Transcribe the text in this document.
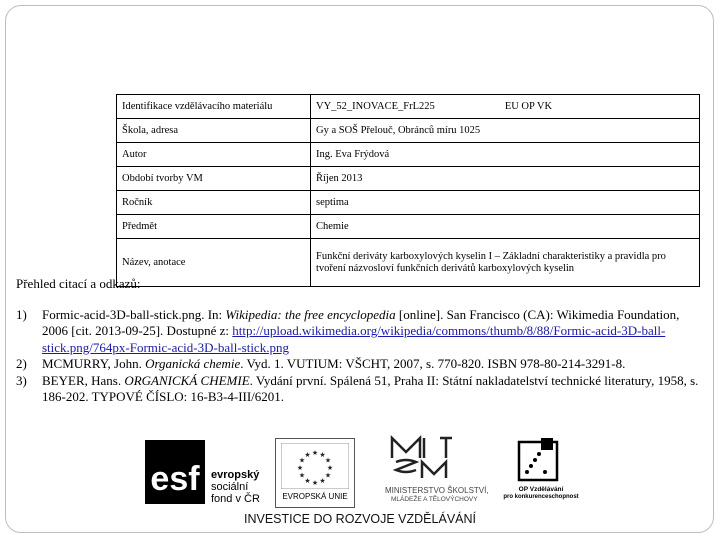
Identifikace vzdělávacího materiálu	VY_52_INOVACE_FrL225 EU OP VK
Škola, adresa	Gy a SOŠ Přelouč, Obránců míru 1025
Autor	Ing. Eva Frýdová
Období tvorby VM	Říjen 2013
Ročník	septima
Předmět	Chemie
Název, anotace	Funkční deriváty karboxylových kyselin I – Základní charakteristiky a pravidla pro tvoření názvosloví funkčních derivátů karboxylových kyselin
Přehled citací a odkazů:
1) Formic-acid-3D-ball-stick.png. In: Wikipedia: the free encyclopedia [online]. San Francisco (CA): Wikimedia Foundation, 2006 [cit. 2013-09-25]. Dostupné z: http://upload.wikimedia.org/wikipedia/commons/thumb/8/88/Formic-acid-3D-ball-stick.png/764px-Formic-acid-3D-ball-stick.png
2) MCMURRY, John. Organická chemie. Vyd. 1. VUTIUM: VŠCHT, 2007, s. 770-820. ISBN 978-80-214-3291-8.
3) BEYER, Hans. ORGANICKÁ CHEMIE. Vydání první. Spálená 51, Praha II: Státní nakladatelství technické literatury, 1958, s. 186-202. TYPOVÉ ČÍSLO: 16-B3-4-III/6201.
esf evropský
sociální
fond v ČR
★ ★
★
★
★
★
★
★
★
★
★
★
EVROPSKÁ UNIE
MINISTERSTVO ŠKOLSTVÍ,
MLÁDEŽE A TĚLOVÝCHOVY
OP Vzdělávání
pro konkurenceschopnost
INVESTICE DO ROZVOJE VZDĚLÁVÁNÍ
